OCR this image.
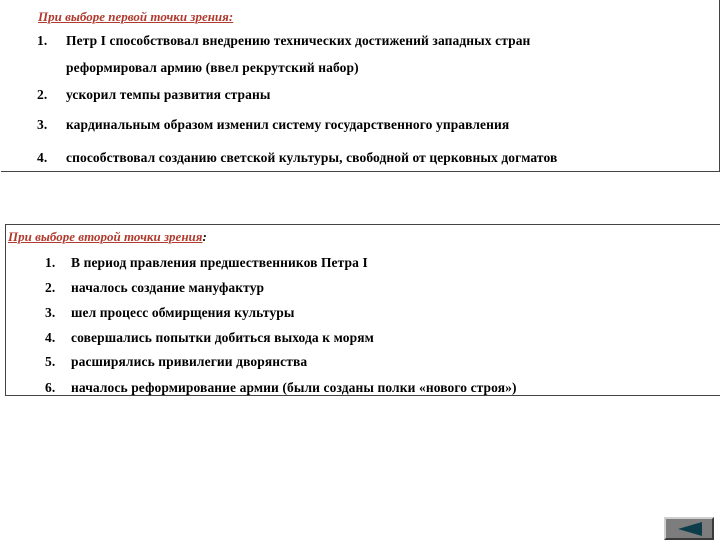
При выборе первой точки зрения:
1. Петр I способствовал внедрению технических достижений западных стран
реформировал армию (ввел рекрутский набор)
2. ускорил темпы развития страны
3. кардинальным образом изменил систему государственного управления
4. способствовал созданию светской культуры, свободной от церковных догматов
При выборе второй точки зрения:
1. В период правления предшественников Петра I
2. началось создание мануфактур
3. шел процесс обмирщения культуры
4. совершались попытки добиться выхода к морям
5. расширялись привилегии дворянства
6. началось реформирование армии (были созданы полки «нового строя»)
